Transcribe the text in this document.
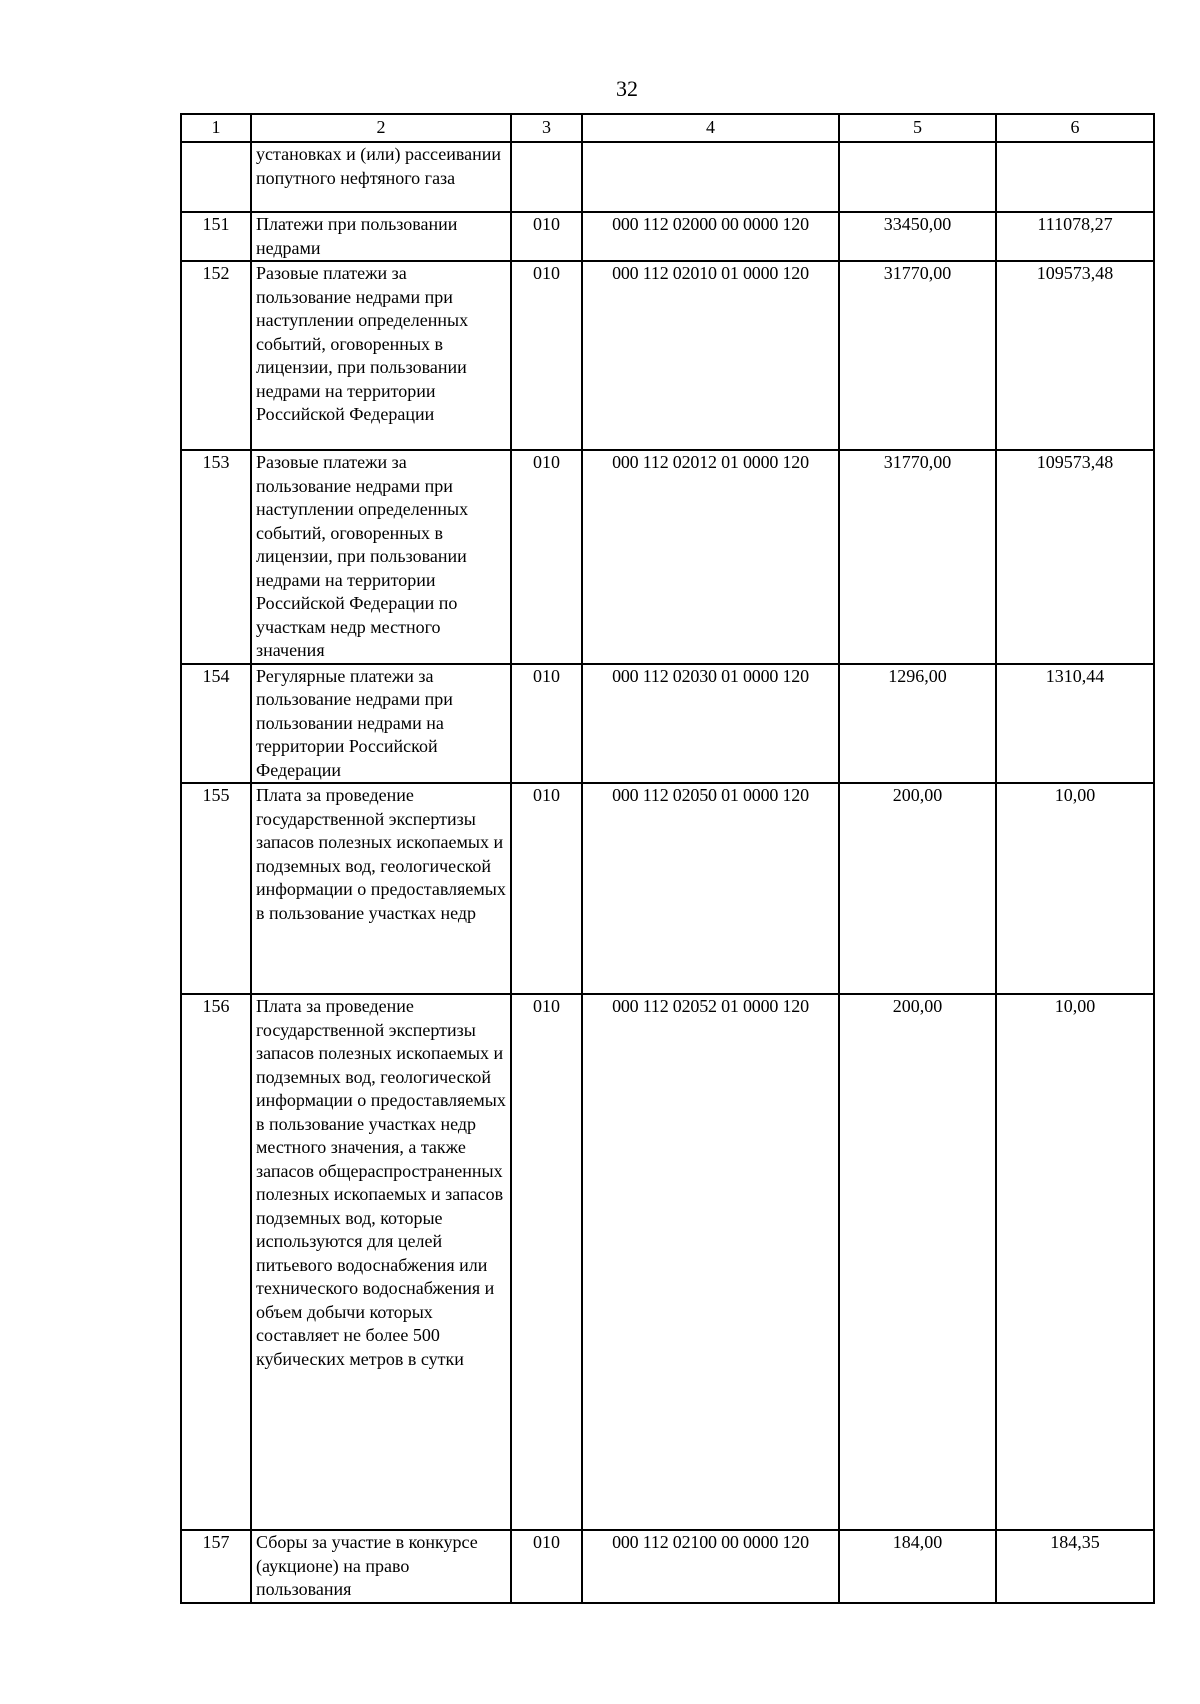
32
1	2	3	4	5	6
	установках и (или) рассеивании попутного нефтяного газа				
151	Платежи при пользовании недрами	010	000 112 02000 00 0000 120	33450,00	111078,27
152	Разовые платежи за пользование недрами при наступлении определенных событий, оговоренных в лицензии, при пользовании недрами на территории Российской Федерации	010	000 112 02010 01 0000 120	31770,00	109573,48
153	Разовые платежи за пользование недрами при наступлении определенных событий, оговоренных в лицензии, при пользовании недрами на территории Российской Федерации по участкам недр местного значения	010	000 112 02012 01 0000 120	31770,00	109573,48
154	Регулярные платежи за пользование недрами при пользовании недрами на территории Российской Федерации	010	000 112 02030 01 0000 120	1296,00	1310,44
155	Плата за проведение государственной экспертизы запасов полезных ископаемых и подземных вод, геологической информации о предоставляемых в пользование участках недр	010	000 112 02050 01 0000 120	200,00	10,00
156	Плата за проведение государственной экспертизы запасов полезных ископаемых и подземных вод, геологической информации о предоставляемых в пользование участках недр местного значения, а также запасов общераспространенных полезных ископаемых и запасов подземных вод, которые используются для целей питьевого водоснабжения или технического водоснабжения и объем добычи которых составляет не более 500 кубических метров в сутки	010	000 112 02052 01 0000 120	200,00	10,00
157	Сборы за участие в конкурсе (аукционе) на право пользования	010	000 112 02100 00 0000 120	184,00	184,35
